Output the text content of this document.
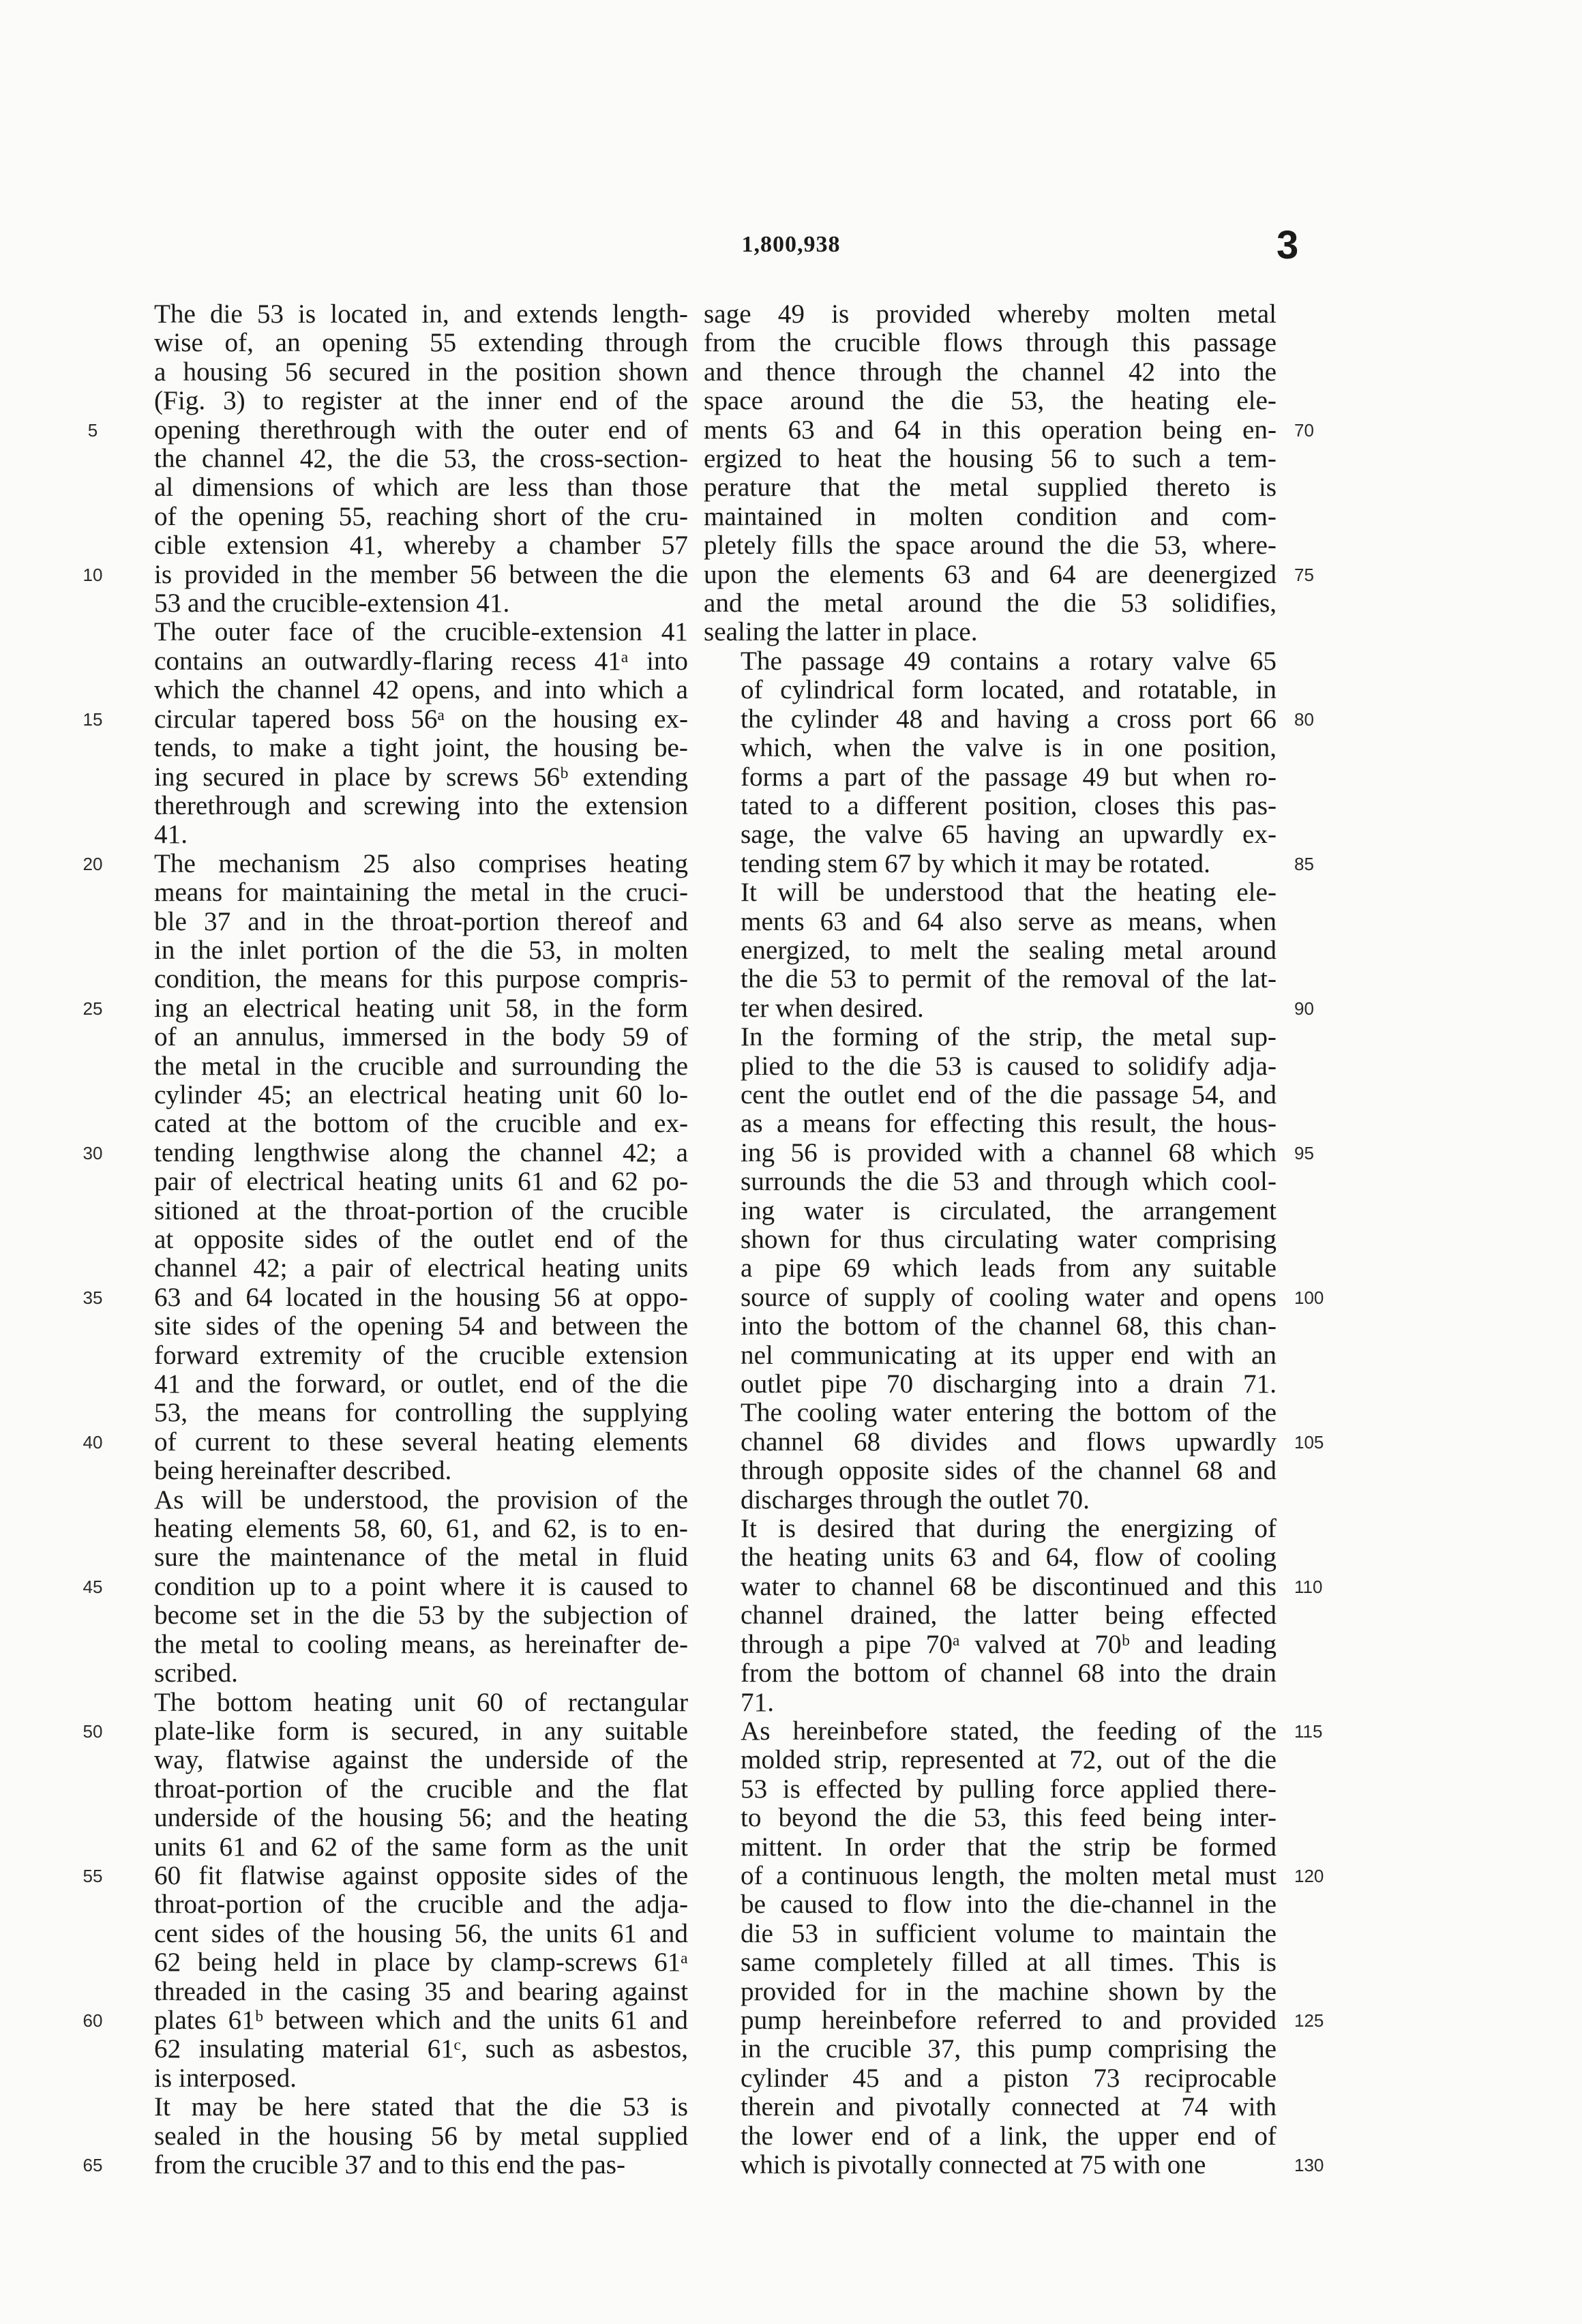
1,800,938	3

The die 53 is located in, and extends length-
wise of, an opening 55 extending through
a housing 56 secured in the position shown
(Fig. 3) to register at the inner end of the
opening therethrough with the outer end of
the channel 42, the die 53, the cross-section-
al dimensions of which are less than those
of the opening 55, reaching short of the cru-
cible extension 41, whereby a chamber 57
is provided in the member 56 between the die
53 and the crucible-extension 41.

The outer face of the crucible-extension 41
contains an outwardly-flaring recess 41ᵃ into
which the channel 42 opens, and into which a
circular tapered boss 56ᵃ on the housing ex-
tends, to make a tight joint, the housing be-
ing secured in place by screws 56ᵇ extending
therethrough and screwing into the extension
41.

The mechanism 25 also comprises heating
means for maintaining the metal in the cruci-
ble 37 and in the throat-portion thereof and
in the inlet portion of the die 53, in molten
condition, the means for this purpose compris-
ing an electrical heating unit 58, in the form
of an annulus, immersed in the body 59 of
the metal in the crucible and surrounding the
cylinder 45; an electrical heating unit 60 lo-
cated at the bottom of the crucible and ex-
tending lengthwise along the channel 42; a
pair of electrical heating units 61 and 62 po-
sitioned at the throat-portion of the crucible
at opposite sides of the outlet end of the
channel 42; a pair of electrical heating units
63 and 64 located in the housing 56 at oppo-
site sides of the opening 54 and between the
forward extremity of the crucible extension
41 and the forward, or outlet, end of the die
53, the means for controlling the supplying
of current to these several heating elements
being hereinafter described.

As will be understood, the provision of the
heating elements 58, 60, 61, and 62, is to en-
sure the maintenance of the metal in fluid
condition up to a point where it is caused to
become set in the die 53 by the subjection of
the metal to cooling means, as hereinafter de-
scribed.

The bottom heating unit 60 of rectangular
plate-like form is secured, in any suitable
way, flatwise against the underside of the
throat-portion of the crucible and the flat
underside of the housing 56; and the heating
units 61 and 62 of the same form as the unit
60 fit flatwise against opposite sides of the
throat-portion of the crucible and the adja-
cent sides of the housing 56, the units 61 and
62 being held in place by clamp-screws 61ᵃ
threaded in the casing 35 and bearing against
plates 61ᵇ between which and the units 61 and
62 insulating material 61ᶜ, such as asbestos,
is interposed.

It may be here stated that the die 53 is
sealed in the housing 56 by metal supplied
from the crucible 37 and to this end the pas-

sage 49 is provided whereby molten metal
from the crucible flows through this passage
and thence through the channel 42 into the
space around the die 53, the heating ele-
ments 63 and 64 in this operation being en-
ergized to heat the housing 56 to such a tem-
perature that the metal supplied thereto is
maintained in molten condition and com-
pletely fills the space around the die 53, where-
upon the elements 63 and 64 are deenergized
and the metal around the die 53 solidifies,
sealing the latter in place.

The passage 49 contains a rotary valve 65
of cylindrical form located, and rotatable, in
the cylinder 48 and having a cross port 66
which, when the valve is in one position,
forms a part of the passage 49 but when ro-
tated to a different position, closes this pas-
sage, the valve 65 having an upwardly ex-
tending stem 67 by which it may be rotated.

It will be understood that the heating ele-
ments 63 and 64 also serve as means, when
energized, to melt the sealing metal around
the die 53 to permit of the removal of the lat-
ter when desired.

In the forming of the strip, the metal sup-
plied to the die 53 is caused to solidify adja-
cent the outlet end of the die passage 54, and
as a means for effecting this result, the hous-
ing 56 is provided with a channel 68 which
surrounds the die 53 and through which cool-
ing water is circulated, the arrangement
shown for thus circulating water comprising
a pipe 69 which leads from any suitable
source of supply of cooling water and opens
into the bottom of the channel 68, this chan-
nel communicating at its upper end with an
outlet pipe 70 discharging into a drain 71.
The cooling water entering the bottom of the
channel 68 divides and flows upwardly
through opposite sides of the channel 68 and
discharges through the outlet 70.

It is desired that during the energizing of
the heating units 63 and 64, flow of cooling
water to channel 68 be discontinued and this
channel drained, the latter being effected
through a pipe 70ᵃ valved at 70ᵇ and leading
from the bottom of channel 68 into the drain
71.

As hereinbefore stated, the feeding of the
molded strip, represented at 72, out of the die
53 is effected by pulling force applied there-
to beyond the die 53, this feed being inter-
mittent. In order that the strip be formed
of a continuous length, the molten metal must
be caused to flow into the die-channel in the
die 53 in sufficient volume to maintain the
same completely filled at all times. This is
provided for in the machine shown by the
pump hereinbefore referred to and provided
in the crucible 37, this pump comprising the
cylinder 45 and a piston 73 reciprocable
therein and pivotally connected at 74 with
the lower end of a link, the upper end of
which is pivotally connected at 75 with one

5
10
15
20
25
30
35
40
45
50
55
60
65
70
75
80
85
90
95
100
105
110
115
120
125
130
